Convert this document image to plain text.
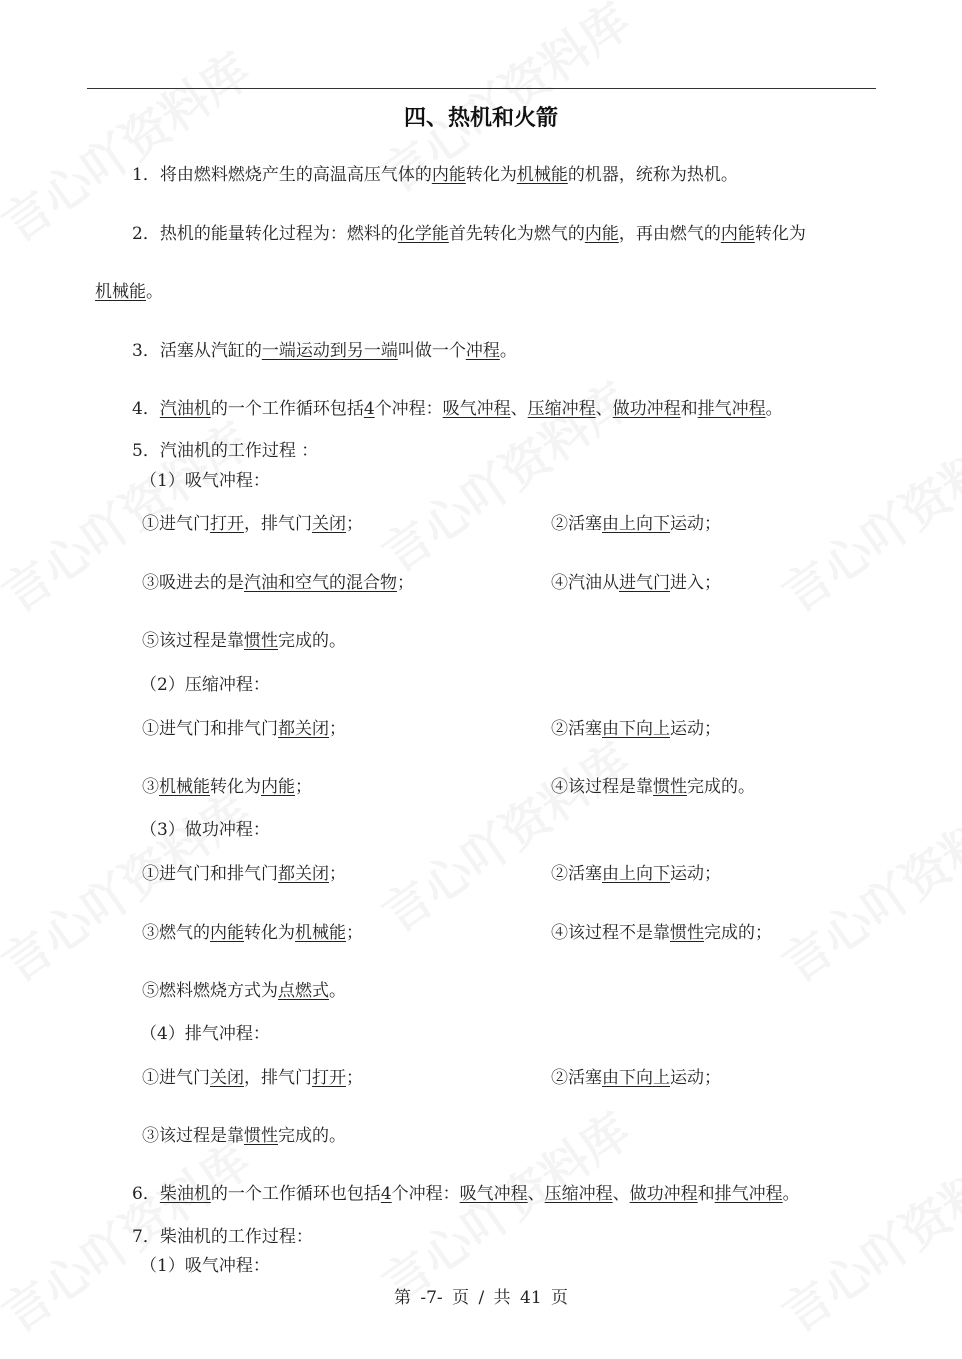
四、热机和火箭
1．将由燃料燃烧产生的高温高压气体的内能转化为机械能的机器，统称为热机。
2．热机的能量转化过程为：燃料的化学能首先转化为燃气的内能，再由燃气的内能转化为
机械能。
3．活塞从汽缸的一端运动到另一端叫做一个冲程。
4．汽油机的一个工作循环包括4个冲程：吸气冲程、压缩冲程、做功冲程和排气冲程。
5．汽油机的工作过程 ：
（1）吸气冲程：
①进气门打开，排气门关闭；	②活塞由上向下运动；
③吸进去的是汽油和空气的混合物；	④汽油从进气门进入；
⑤该过程是靠惯性完成的。
（2）压缩冲程：
①进气门和排气门都关闭；	②活塞由下向上运动；
③机械能转化为内能；	④该过程是靠惯性完成的。
（3）做功冲程：
①进气门和排气门都关闭；	②活塞由上向下运动；
③燃气的内能转化为机械能；	④该过程不是靠惯性完成的；
⑤燃料燃烧方式为点燃式。
（4）排气冲程：
①进气门关闭，排气门打开；	②活塞由下向上运动；
③该过程是靠惯性完成的。
6．柴油机的一个工作循环也包括4个冲程：吸气冲程、压缩冲程、做功冲程和排气冲程。
7．柴油机的工作过程：
（1）吸气冲程：
第 -7- 页 / 共 41 页
